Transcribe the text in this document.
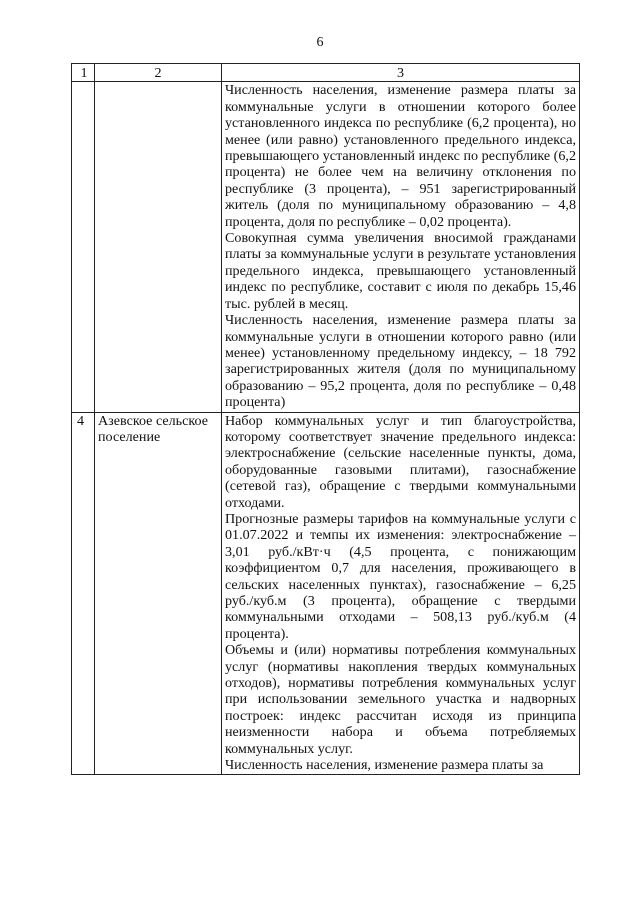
6
1	2	3

		Численность населения, изменение размера платы за коммунальные услуги в отношении которого более установленного индекса по республике (6,2 процента), но менее (или равно) установленного предельного индекса, превышающего установленный индекс по республике (6,2 процента) не более чем на величину отклонения по республике (3 процента), – 951 зарегистрированный житель (доля по муниципальному образованию – 4,8 процента, доля по республике – 0,02 процента).

Совокупная сумма увеличения вносимой гражданами платы за коммунальные услуги в результате установления предельного индекса, превышающего установленный индекс по республике, составит с июля по декабрь 15,46 тыс. рублей в месяц.

Численность населения, изменение размера платы за коммунальные услуги в отношении которого равно (или менее) установленному предельному индексу, – 18 792 зарегистрированных жителя (доля по муниципальному образованию – 95,2 процента, доля по республике – 0,48 процента)

4	Азевское сельское поселение	Набор коммунальных услуг и тип благоустройства, которому соответствует значение предельного индекса: электроснабжение (сельские населенные пункты, дома, оборудованные газовыми плитами), газоснабжение (сетевой газ), обращение с твердыми коммунальными отходами.

Прогнозные размеры тарифов на коммунальные услуги с 01.07.2022 и темпы их изменения: электроснабжение – 3,01 руб./кВт·ч (4,5 процента, с понижающим коэффициентом 0,7 для населения, проживающего в сельских населенных пунктах), газоснабжение – 6,25 руб./куб.м (3 процента), обращение с твердыми коммунальными отходами – 508,13 руб./куб.м (4 процента).

Объемы и (или) нормативы потребления коммунальных услуг (нормативы накопления твердых коммунальных отходов), нормативы потребления коммунальных услуг при использовании земельного участка и надворных построек: индекс рассчитан исходя из принципа неизменности набора и объема потребляемых коммунальных услуг.

Численность населения, изменение размера платы за
